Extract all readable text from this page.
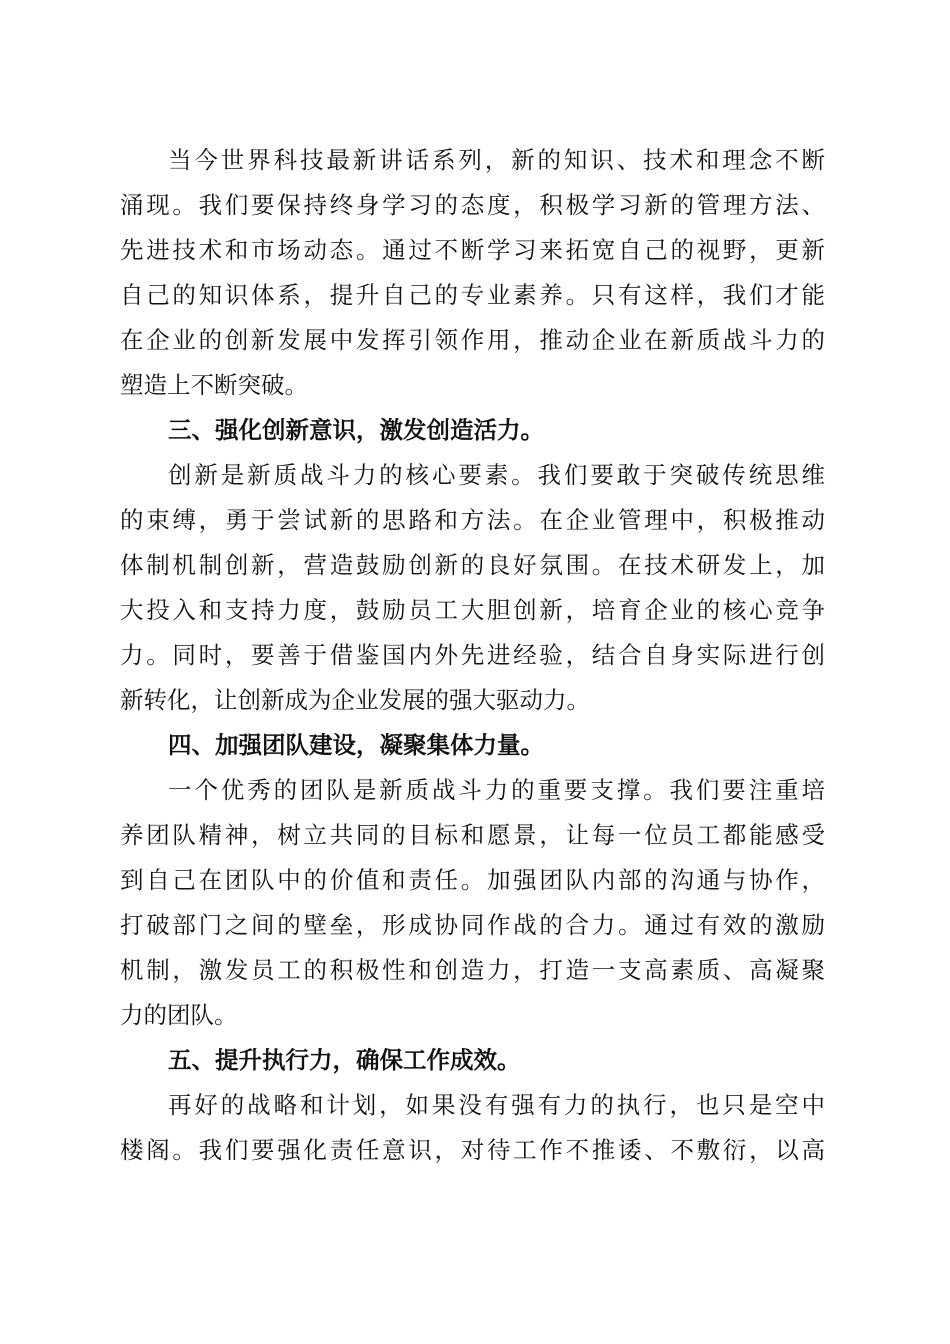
当今世界科技最新讲话系列，新的知识、技术和理念不断
涌现。我们要保持终身学习的态度，积极学习新的管理方法、
先进技术和市场动态。通过不断学习来拓宽自己的视野，更新
自己的知识体系，提升自己的专业素养。只有这样，我们才能
在企业的创新发展中发挥引领作用，推动企业在新质战斗力的
塑造上不断突破。
三、强化创新意识，激发创造活力。
创新是新质战斗力的核心要素。我们要敢于突破传统思维
的束缚，勇于尝试新的思路和方法。在企业管理中，积极推动
体制机制创新，营造鼓励创新的良好氛围。在技术研发上，加
大投入和支持力度，鼓励员工大胆创新，培育企业的核心竞争
力。同时，要善于借鉴国内外先进经验，结合自身实际进行创
新转化，让创新成为企业发展的强大驱动力。
四、加强团队建设，凝聚集体力量。
一个优秀的团队是新质战斗力的重要支撑。我们要注重培
养团队精神，树立共同的目标和愿景，让每一位员工都能感受
到自己在团队中的价值和责任。加强团队内部的沟通与协作，
打破部门之间的壁垒，形成协同作战的合力。通过有效的激励
机制，激发员工的积极性和创造力，打造一支高素质、高凝聚
力的团队。
五、提升执行力，确保工作成效。
再好的战略和计划，如果没有强有力的执行，也只是空中
楼阁。我们要强化责任意识，对待工作不推诿、不敷衍，以高
